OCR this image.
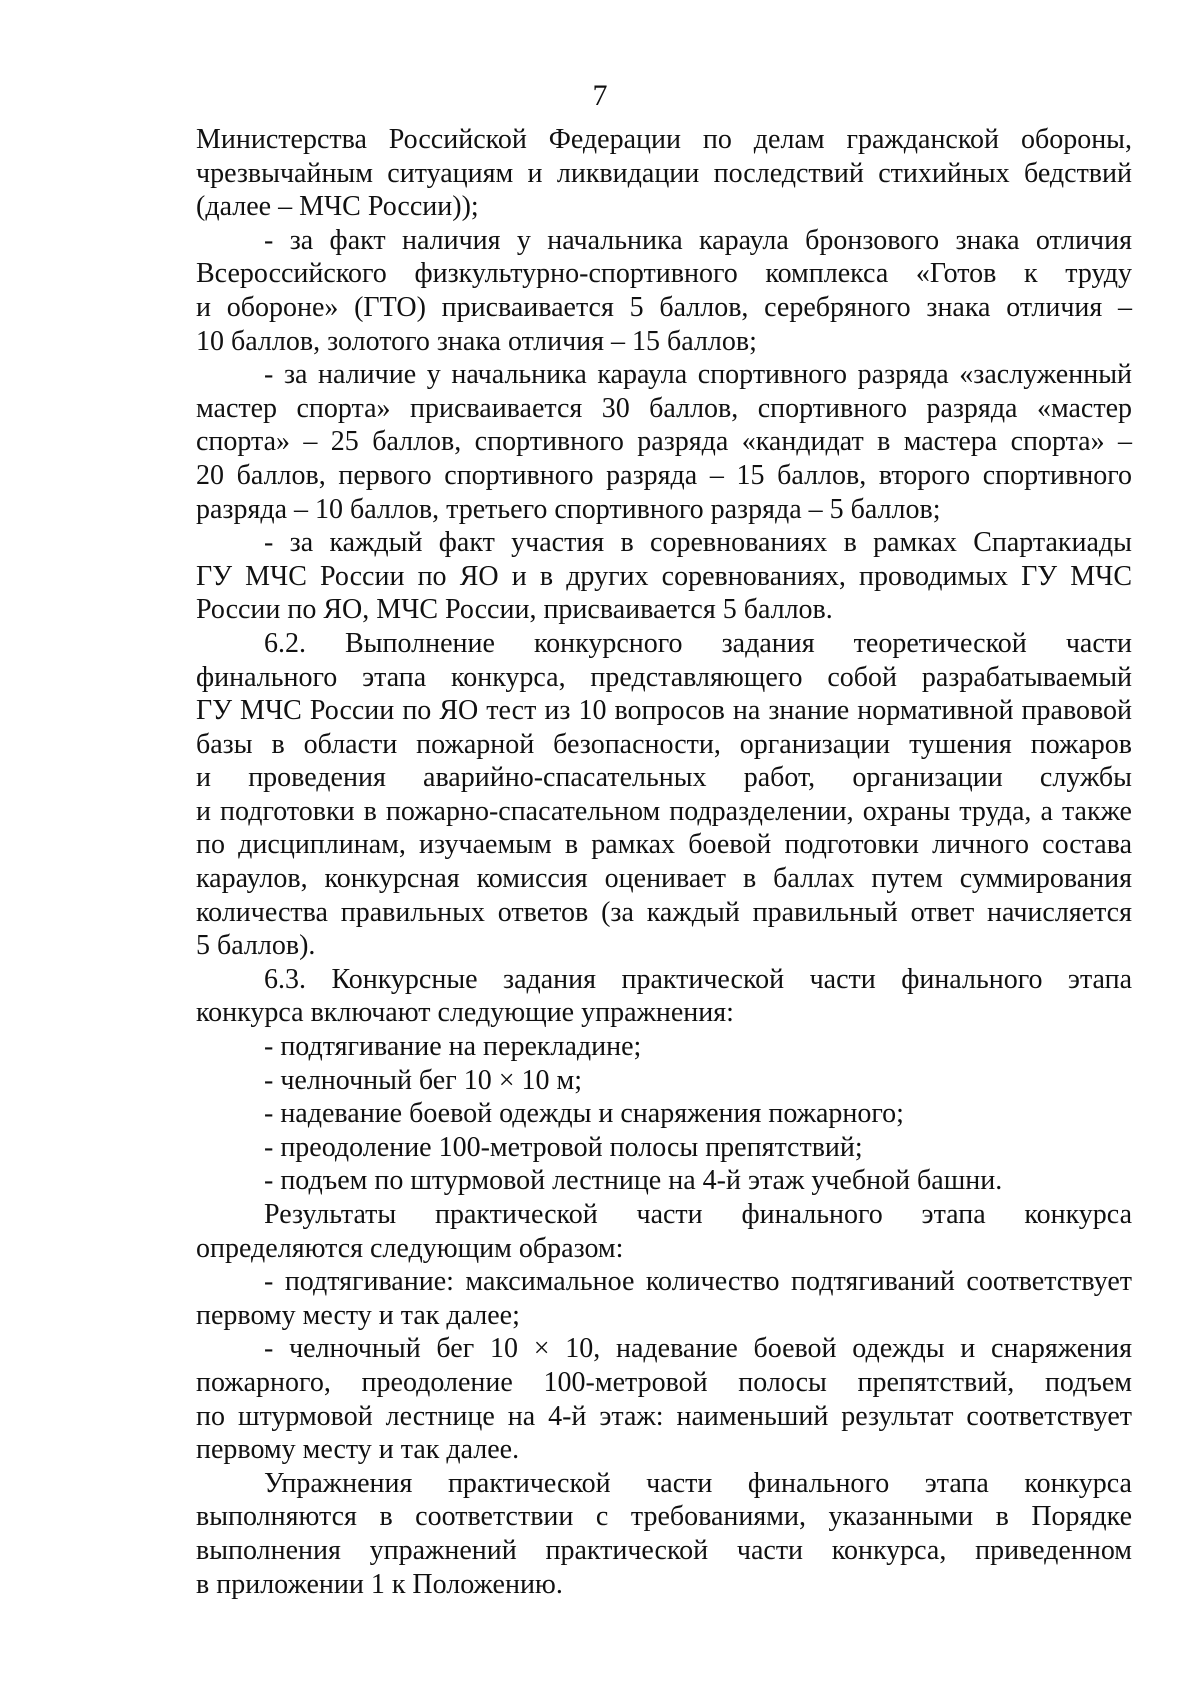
7
Министерства Российской Федерации по делам гражданской обороны,
чрезвычайным ситуациям и ликвидации последствий стихийных бедствий
(далее – МЧС России));
- за факт наличия у начальника караула бронзового знака отличия
Всероссийского физкультурно-спортивного комплекса «Готов к труду
и обороне» (ГТО) присваивается 5 баллов, серебряного знака отличия –
10 баллов, золотого знака отличия – 15 баллов;
- за наличие у начальника караула спортивного разряда «заслуженный
мастер спорта» присваивается 30 баллов, спортивного разряда «мастер
спорта» – 25 баллов, спортивного разряда «кандидат в мастера спорта» –
20 баллов, первого спортивного разряда – 15 баллов, второго спортивного
разряда – 10 баллов, третьего спортивного разряда – 5 баллов;
- за каждый факт участия в соревнованиях в рамках Спартакиады
ГУ МЧС России по ЯО и в других соревнованиях, проводимых ГУ МЧС
России по ЯО, МЧС России, присваивается 5 баллов.
6.2. Выполнение конкурсного задания теоретической части
финального этапа конкурса, представляющего собой разрабатываемый
ГУ МЧС России по ЯО тест из 10 вопросов на знание нормативной правовой
базы в области пожарной безопасности, организации тушения пожаров
и проведения аварийно-спасательных работ, организации службы
и подготовки в пожарно-спасательном подразделении, охраны труда, а также
по дисциплинам, изучаемым в рамках боевой подготовки личного состава
караулов, конкурсная комиссия оценивает в баллах путем суммирования
количества правильных ответов (за каждый правильный ответ начисляется
5 баллов).
6.3. Конкурсные задания практической части финального этапа
конкурса включают следующие упражнения:
- подтягивание на перекладине;
- челночный бег 10 × 10 м;
- надевание боевой одежды и снаряжения пожарного;
- преодоление 100-метровой полосы препятствий;
- подъем по штурмовой лестнице на 4-й этаж учебной башни.
Результаты практической части финального этапа конкурса
определяются следующим образом:
- подтягивание: максимальное количество подтягиваний соответствует
первому месту и так далее;
- челночный бег 10 × 10, надевание боевой одежды и снаряжения
пожарного, преодоление 100-метровой полосы препятствий, подъем
по штурмовой лестнице на 4-й этаж: наименьший результат соответствует
первому месту и так далее.
Упражнения практической части финального этапа конкурса
выполняются в соответствии с требованиями, указанными в Порядке
выполнения упражнений практической части конкурса, приведенном
в приложении 1 к Положению.
